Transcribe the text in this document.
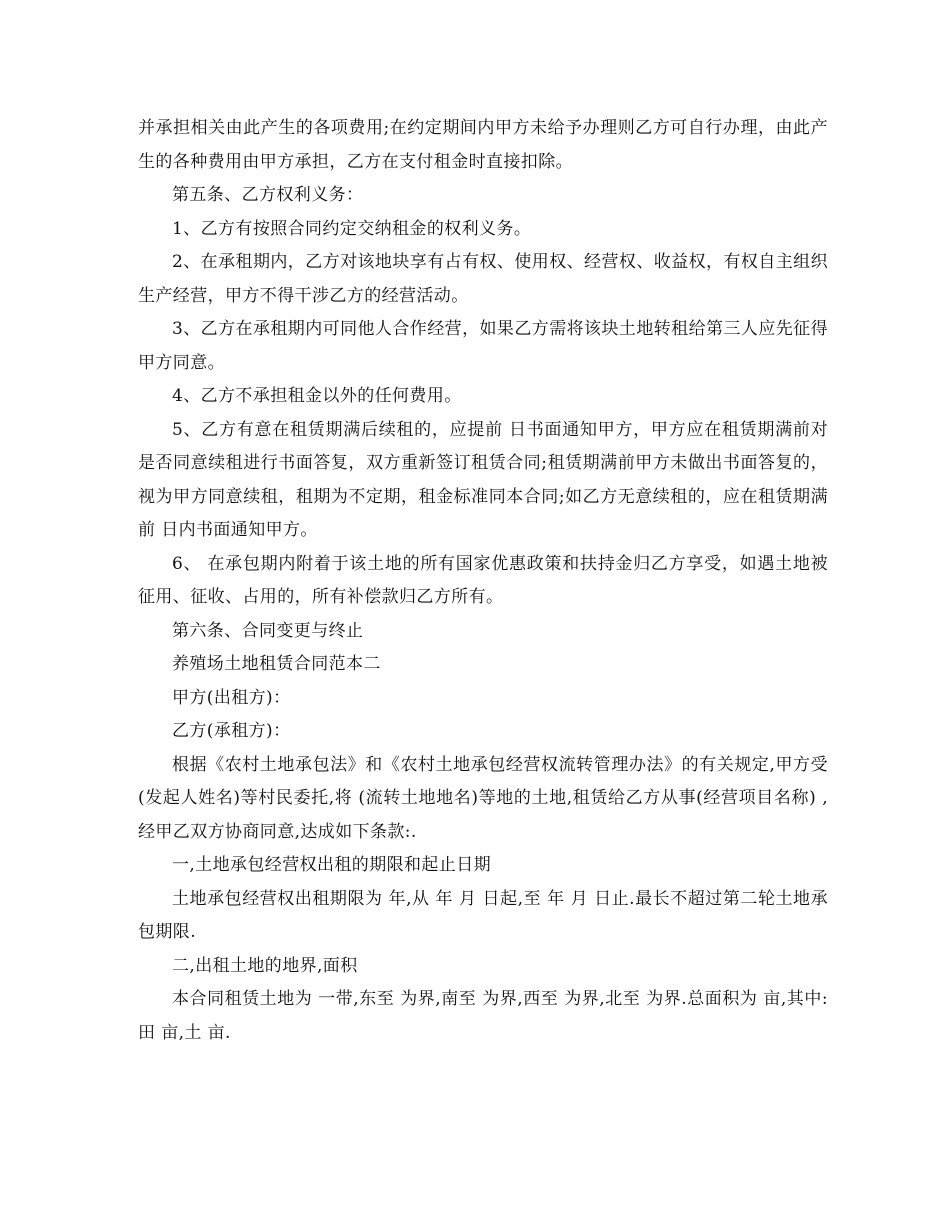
并承担相关由此产生的各项费用;在约定期间内甲方未给予办理则乙方可自行办理，由此产生的各种费用由甲方承担，乙方在支付租金时直接扣除。

第五条、乙方权利义务：

1、乙方有按照合同约定交纳租金的权利义务。

2、在承租期内，乙方对该地块享有占有权、使用权、经营权、收益权，有权自主组织生产经营，甲方不得干涉乙方的经营活动。

3、乙方在承租期内可同他人合作经营，如果乙方需将该块土地转租给第三人应先征得甲方同意。

4、乙方不承担租金以外的任何费用。

5、乙方有意在租赁期满后续租的，应提前 日书面通知甲方，甲方应在租赁期满前对是否同意续租进行书面答复，双方重新签订租赁合同;租赁期满前甲方未做出书面答复的，视为甲方同意续租，租期为不定期，租金标准同本合同;如乙方无意续租的，应在租赁期满前 日内书面通知甲方。

6、 在承包期内附着于该土地的所有国家优惠政策和扶持金归乙方享受，如遇土地被征用、征收、占用的，所有补偿款归乙方所有。

第六条、合同变更与终止

养殖场土地租赁合同范本二

甲方(出租方)：

乙方(承租方)：

根据《农村土地承包法》和《农村土地承包经营权流转管理办法》的有关规定,甲方受 (发起人姓名)等村民委托,将 (流转土地地名)等地的土地,租赁给乙方从事(经营项目名称) ,经甲乙双方协商同意,达成如下条款:.

一,土地承包经营权出租的期限和起止日期

土地承包经营权出租期限为 年,从 年 月 日起,至 年 月 日止.最长不超过第二轮土地承包期限.

二,出租土地的地界,面积

本合同租赁土地为 一带,东至 为界,南至 为界,西至 为界,北至 为界.总面积为 亩,其中:田 亩,土 亩.
